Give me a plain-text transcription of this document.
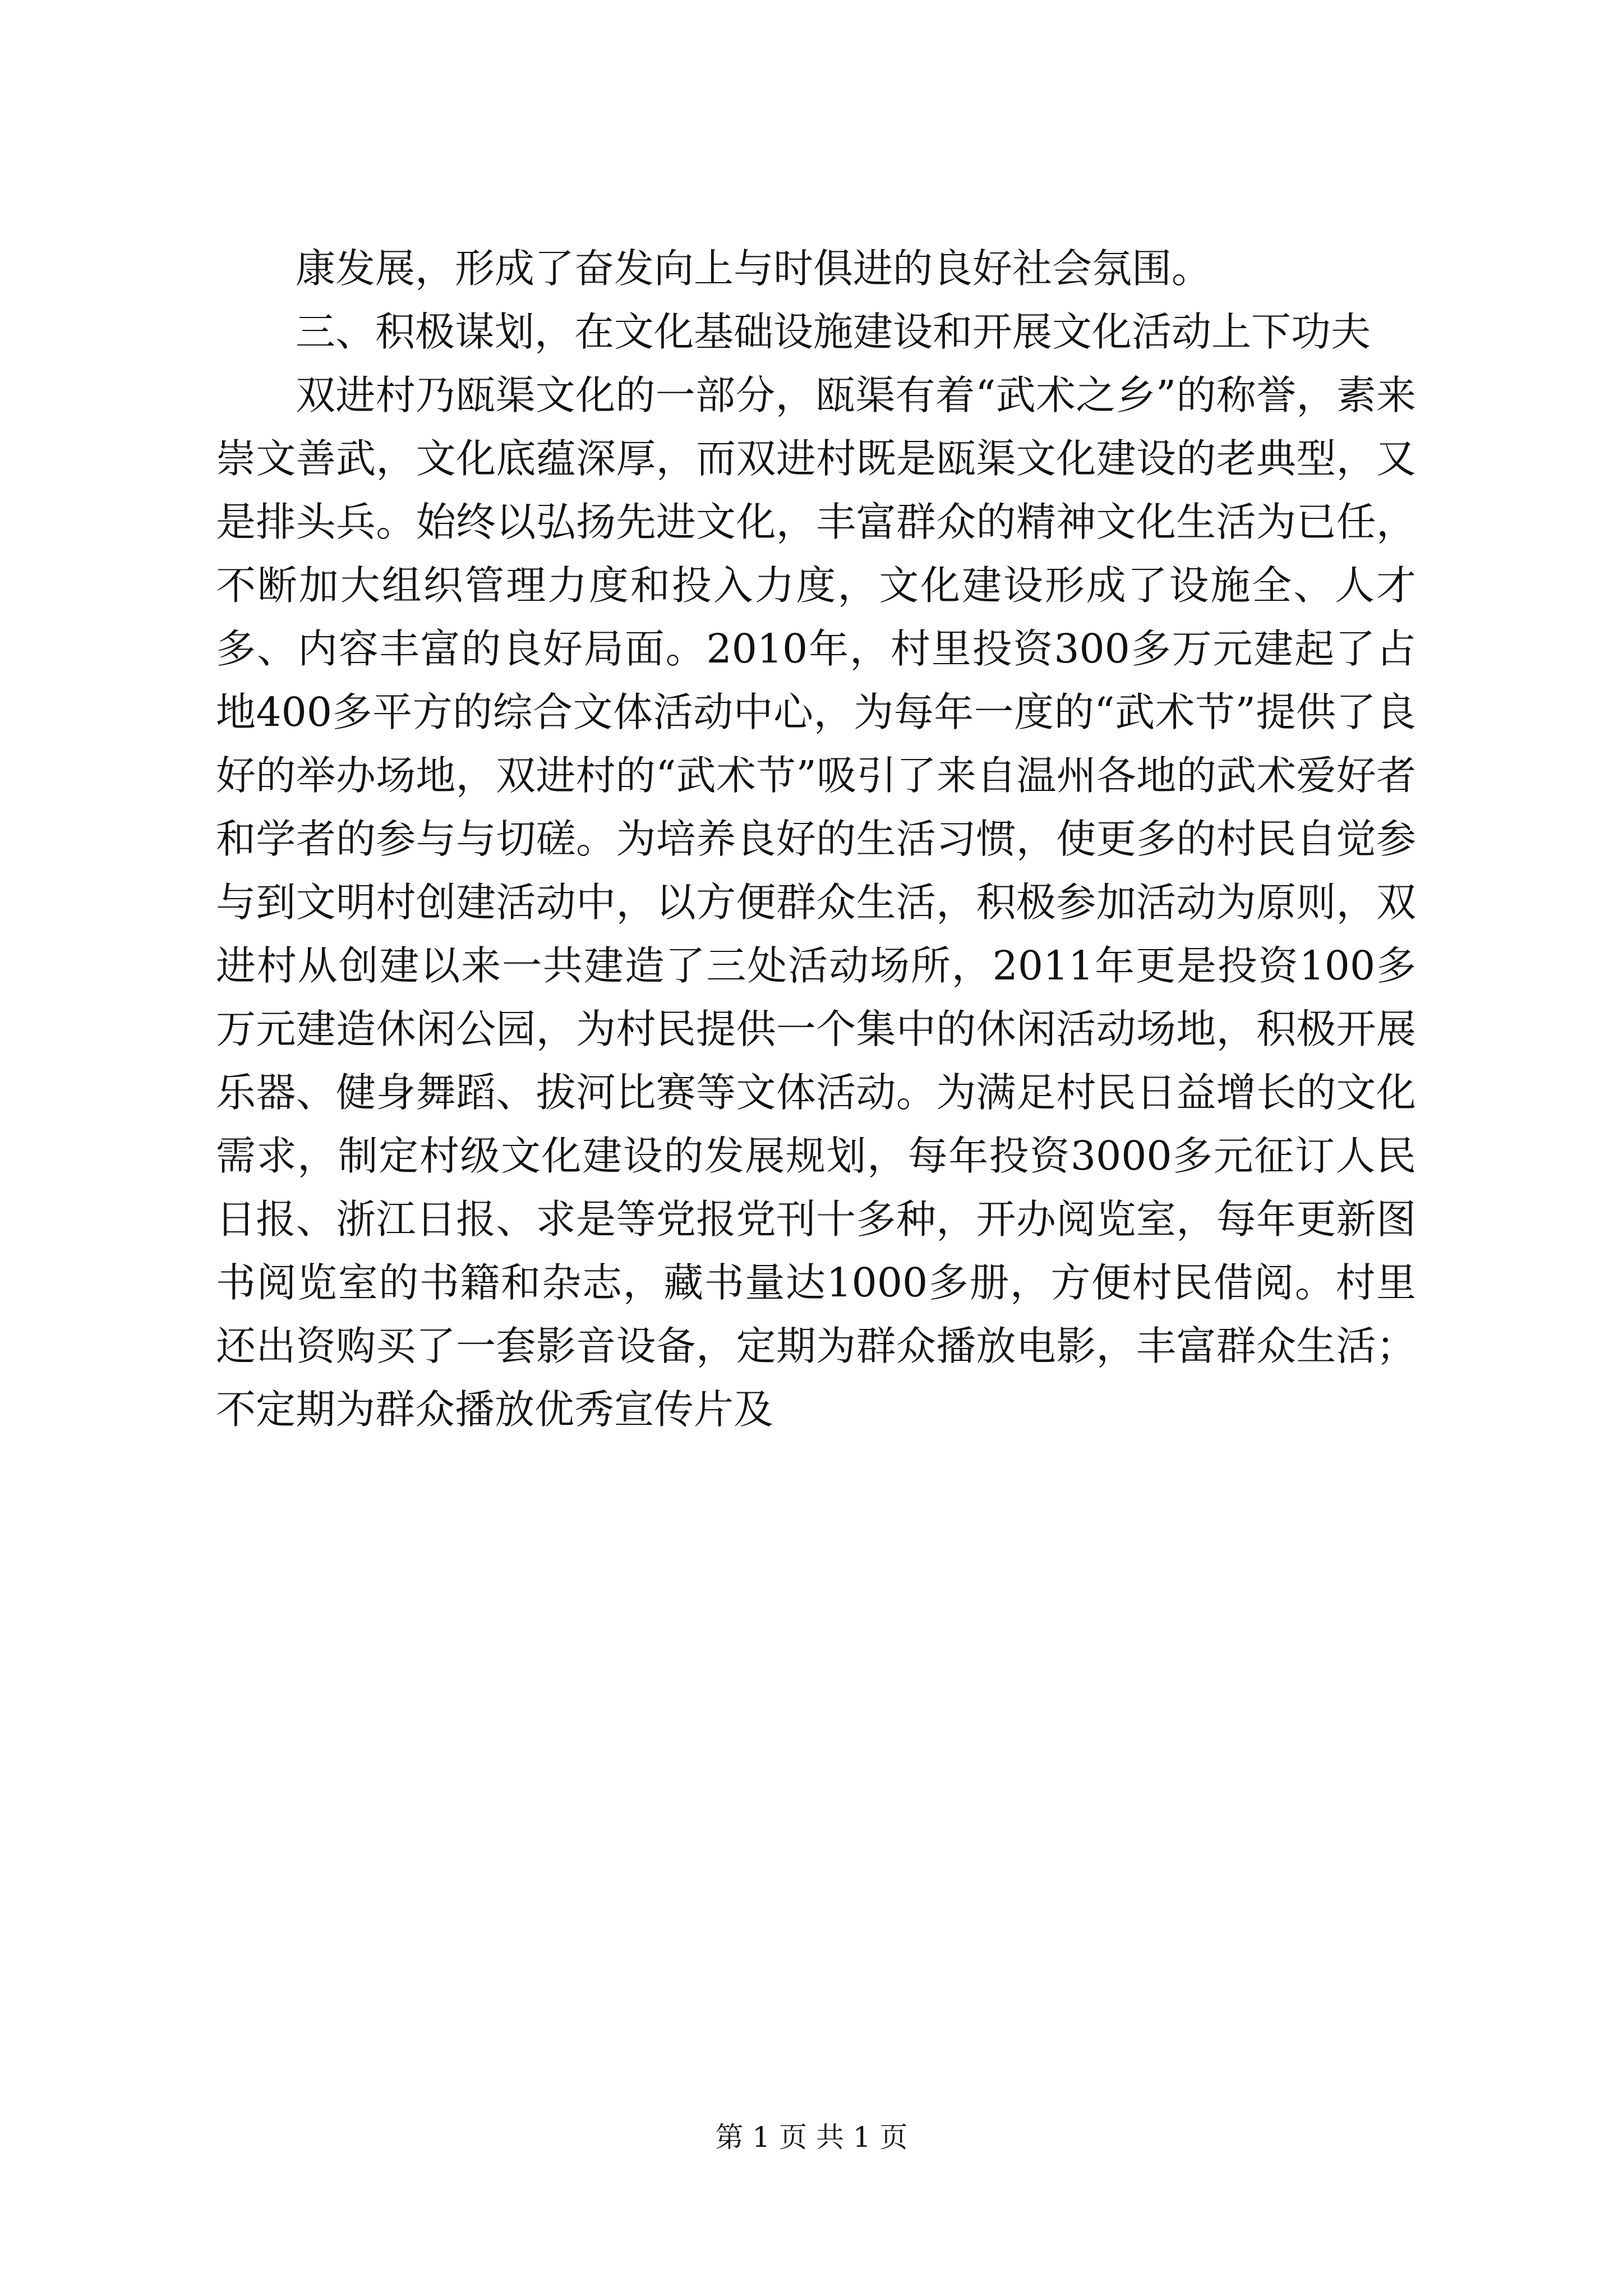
康发展，形成了奋发向上与时俱进的良好社会氛围。

三、积极谋划，在文化基础设施建设和开展文化活动上下功夫

双进村乃瓯渠文化的一部分，瓯渠有着“武术之乡”的称誉，素来崇文善武，文化底蕴深厚，而双进村既是瓯渠文化建设的老典型，又是排头兵。始终以弘扬先进文化，丰富群众的精神文化生活为已任，不断加大组织管理力度和投入力度，文化建设形成了设施全、人才多、内容丰富的良好局面。2010年，村里投资300多万元建起了占地400多平方的综合文体活动中心，为每年一度的“武术节”提供了良好的举办场地，双进村的“武术节”吸引了来自温州各地的武术爱好者和学者的参与与切磋。为培养良好的生活习惯，使更多的村民自觉参与到文明村创建活动中，以方便群众生活，积极参加活动为原则，双进村从创建以来一共建造了三处活动场所，2011年更是投资100多万元建造休闲公园，为村民提供一个集中的休闲活动场地，积极开展乐器、健身舞蹈、拔河比赛等文体活动。为满足村民日益增长的文化需求，制定村级文化建设的发展规划，每年投资3000多元征订人民日报、浙江日报、求是等党报党刊十多种，开办阅览室，每年更新图书阅览室的书籍和杂志，藏书量达1000多册，方便村民借阅。村里还出资购买了一套影音设备，定期为群众播放电影，丰富群众生活；不定期为群众播放优秀宣传片及

第 1 页 共 1 页
